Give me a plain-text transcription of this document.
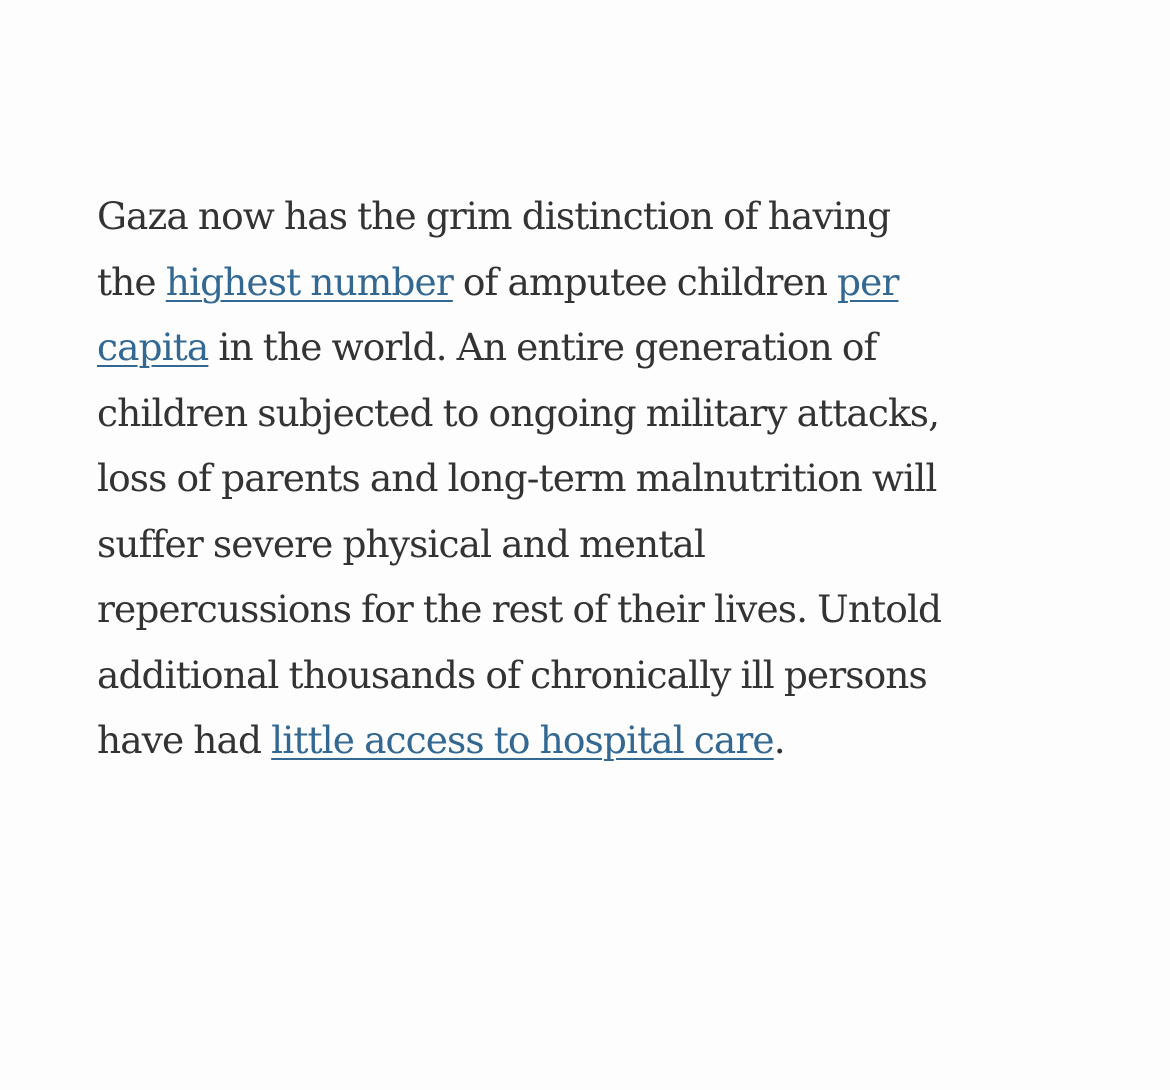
Gaza now has the grim distinction of having
the highest number of amputee children per
capita in the world. An entire generation of
children subjected to ongoing military attacks,
loss of parents and long-term malnutrition will
suffer severe physical and mental
repercussions for the rest of their lives. Untold
additional thousands of chronically ill persons
have had little access to hospital care.
